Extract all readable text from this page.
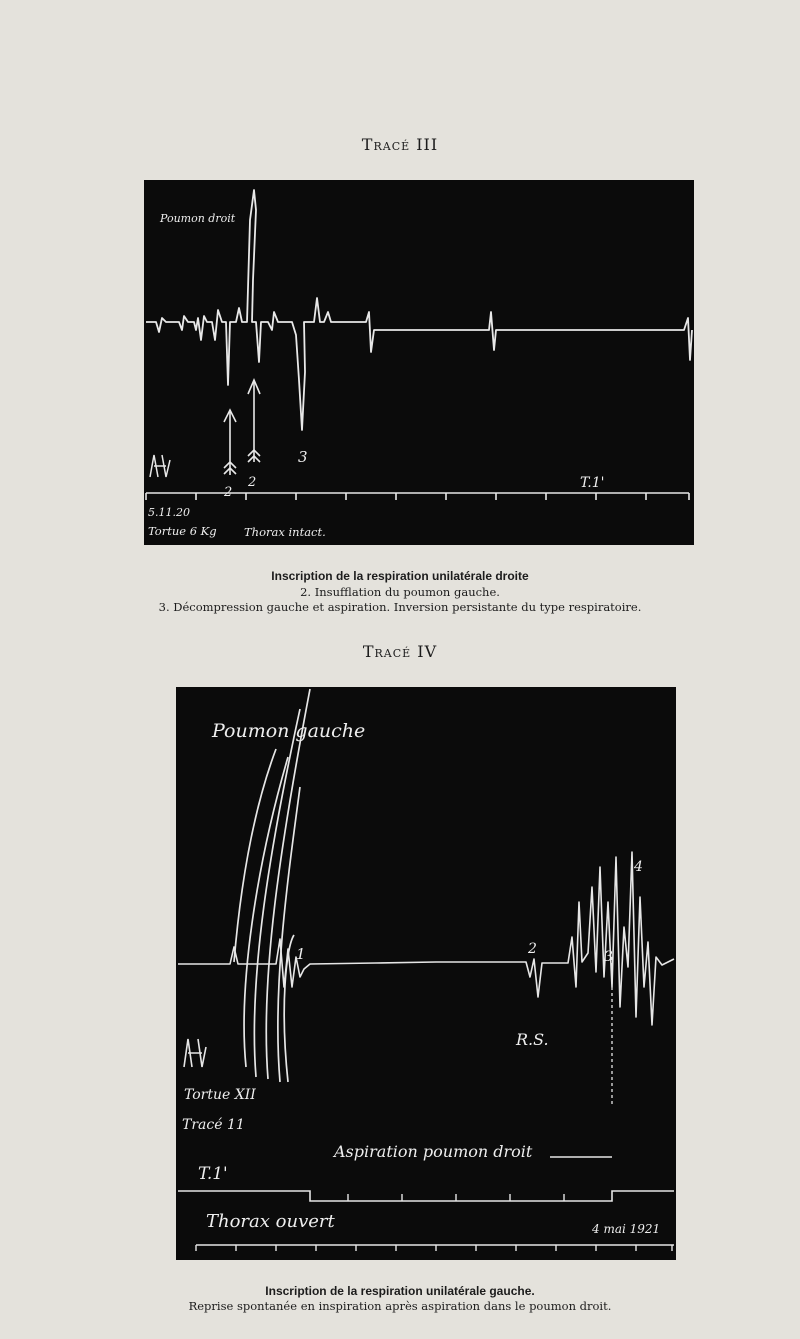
Tracé III
Poumon droit
2
2
3
T.1'
5.11.20
Tortue 6 Kg Thorax intact.
Inscription de la respiration unilatérale droite
2. Insufflation du poumon gauche.
3. Décompression gauche et aspiration. Inversion persistante du type respiratoire.
Tracé IV
Poumon gauche
1	2	3
4
R.S.
Tortue XII
Tracé 11
Aspiration poumon droit
T.1'
Thorax ouvert	4 mai 1921
Inscription de la respiration unilatérale gauche.
Reprise spontanée en inspiration après aspiration dans le poumon droit.
